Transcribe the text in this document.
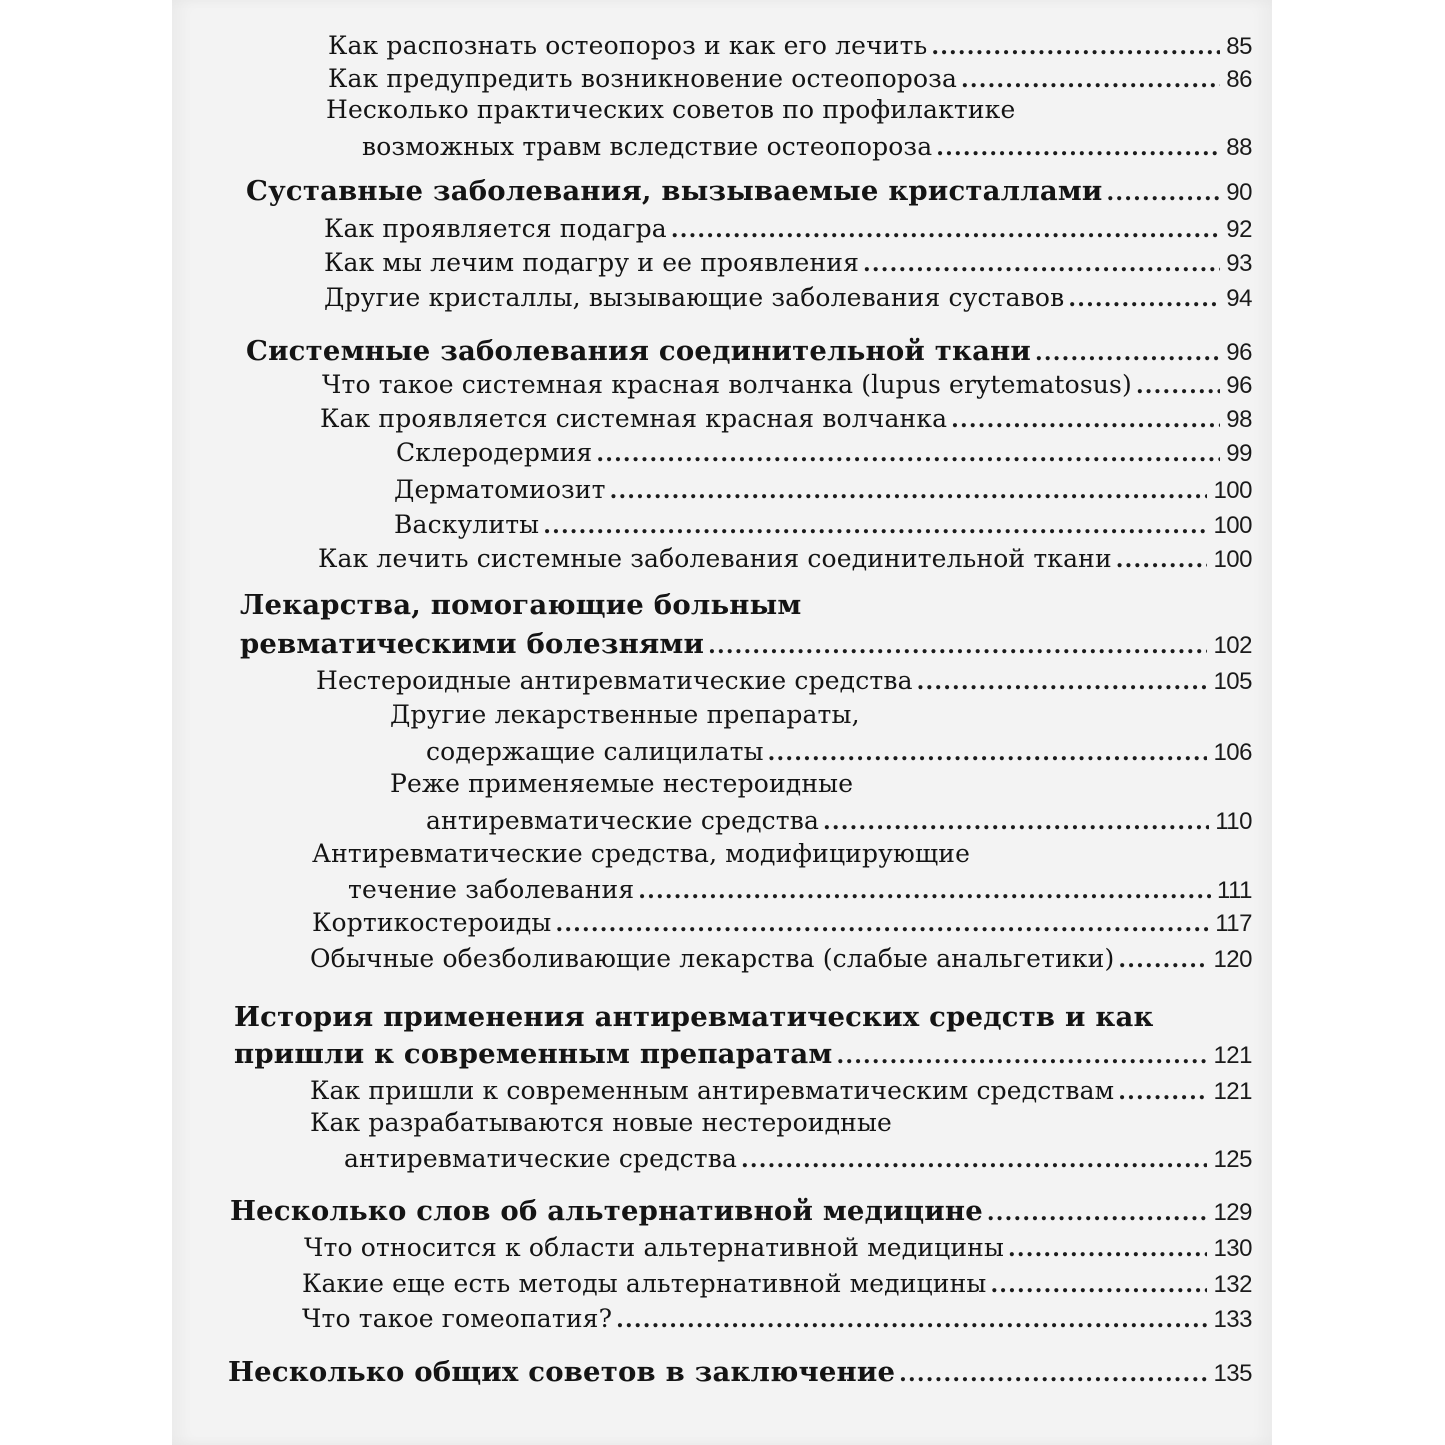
Как распознать остеопороз и как его лечить .....	85
Как предупредить возникновение остеопороза .....	86
Несколько практических советов по профилактике
возможных травм вследствие остеопороза .....	88
Суставные заболевания, вызываемые кристаллами .....	90
Как проявляется подагра .....	92
Как мы лечим подагру и ее проявления .....	93
Другие кристаллы, вызывающие заболевания суставов .....	94
Системные заболевания соединительной ткани .....	96
Что такое системная красная волчанка (lupus erytematosus) .....	96
Как проявляется системная красная волчанка .....	98
Склеродермия .....	99
Дерматомиозит .....	100
Васкулиты .....	100
Как лечить системные заболевания соединительной ткани .....	100
Лекарства, помогающие больным
ревматическими болезнями .....	102
Нестероидные антиревматические средства .....	105
Другие лекарственные препараты,
содержащие салицилаты .....	106
Реже применяемые нестероидные
антиревматические средства .....	110
Антиревматические средства, модифицирующие
течение заболевания .....	111
Кортикостероиды .....	117
Обычные обезболивающие лекарства (слабые анальгетики) .....	120
История применения антиревматических средств и как
пришли к современным препаратам .....	121
Как пришли к современным антиревматическим средствам .....	121
Как разрабатываются новые нестероидные
антиревматические средства .....	125
Несколько слов об альтернативной медицине .....	129
Что относится к области альтернативной медицины .....	130
Какие еще есть методы альтернативной медицины .....	132
Что такое гомеопатия? .....	133
Несколько общих советов в заключение .....	135
